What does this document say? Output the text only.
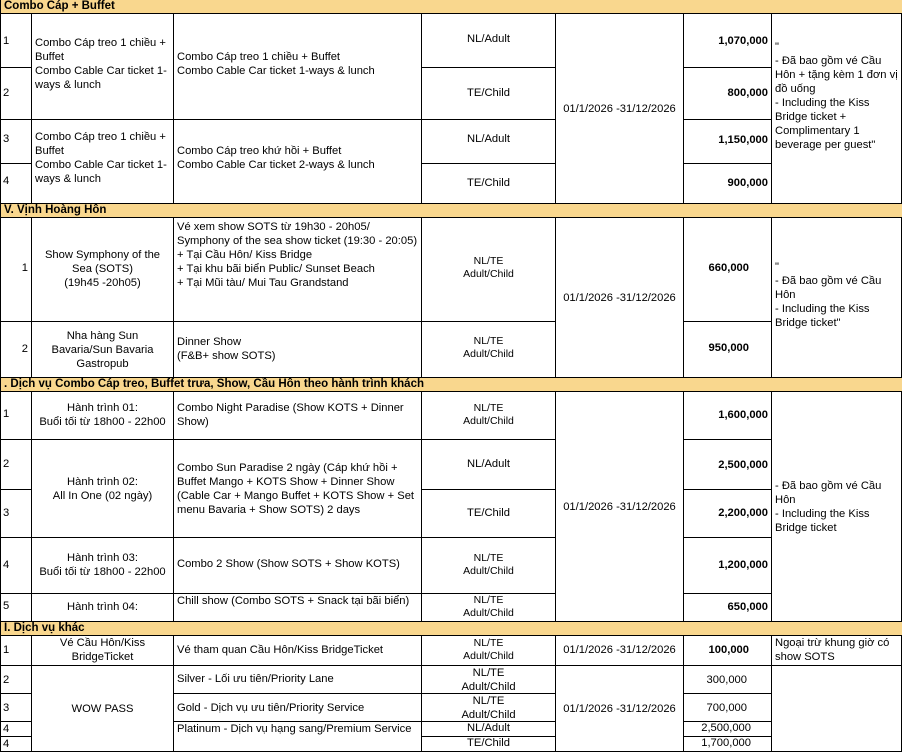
Combo Cáp + Buffet
1
2
3
4
Combo Cáp treo 1 chiều + Buffet
Combo Cable Car ticket 1-ways & lunch
Combo Cáp treo 1 chiều + Buffet
Combo Cable Car ticket 1-ways & lunch
Combo Cáp treo 1 chiều + Buffet
Combo Cable Car ticket 1-ways & lunch
Combo Cáp treo khứ hồi + Buffet
Combo Cable Car ticket 2-ways & lunch
NL/Adult
TE/Child
NL/Adult
TE/Child
01/1/2026 -31/12/2026
1,070,000
800,000
1,150,000
900,000
"
- Đã bao gồm vé Cầu Hôn + tặng kèm 1 đơn vị đồ uống
- Including the Kiss Bridge ticket + Complimentary 1 beverage per guest"
V. Vịnh Hoàng Hôn
1
2
Show Symphony of the Sea (SOTS)
(19h45 -20h05)
Nha hàng Sun Bavaria/Sun Bavaria Gastropub
Vé xem show SOTS từ 19h30 - 20h05/ Symphony of the sea show ticket (19:30 - 20:05)
+ Tại Cầu Hôn/ Kiss Bridge
+ Tại khu bãi biển Public/ Sunset Beach
+ Tại Mũi tàu/ Mui Tau Grandstand
Dinner Show
(F&B+ show SOTS)
NL/TE
Adult/Child
NL/TE
Adult/Child
01/1/2026 -31/12/2026
660,000
950,000
"
- Đã bao gồm vé Cầu Hôn
- Including the Kiss Bridge ticket"
. Dịch vụ Combo Cáp treo, Buffet trưa, Show, Cầu Hôn theo hành trình khách
1
2
3
4
5
Hành trình 01:
Buổi tối từ 18h00 - 22h00
Hành trình 02:
All In One (02 ngày)
Hành trình 03:
Buổi tối từ 18h00 - 22h00
Hành trình 04:
Combo Night Paradise (Show KOTS + Dinner Show)
Combo Sun Paradise 2 ngày (Cáp khứ hồi + Buffet Mango + KOTS Show + Dinner Show (Cable Car + Mango Buffet + KOTS Show + Set menu Bavaria + Show SOTS) 2 days
Combo 2 Show (Show SOTS + Show KOTS)
Chill show (Combo SOTS + Snack tại bãi biển)
NL/TE
Adult/Child
NL/Adult
TE/Child
NL/TE
Adult/Child
NL/TE
Adult/Child
01/1/2026 -31/12/2026
1,600,000
2,500,000
2,200,000
1,200,000
650,000
- Đã bao gồm vé Cầu Hôn
- Including the Kiss Bridge ticket
I. Dịch vụ khác
1
2
3
4
4
Vé Cầu Hôn/Kiss BridgeTicket
WOW PASS
Vé tham quan Cầu Hôn/Kiss BridgeTicket
Silver - Lối ưu tiên/Priority Lane
Gold - Dịch vụ ưu tiên/Priority Service
Platinum - Dịch vụ hạng sang/Premium Service
NL/TE
Adult/Child
NL/TE
Adult/Child
NL/TE
Adult/Child
NL/Adult
TE/Child
01/1/2026 -31/12/2026
01/1/2026 -31/12/2026
100,000
300,000
700,000
2,500,000
1,700,000
Ngoại trừ khung giờ có show SOTS
